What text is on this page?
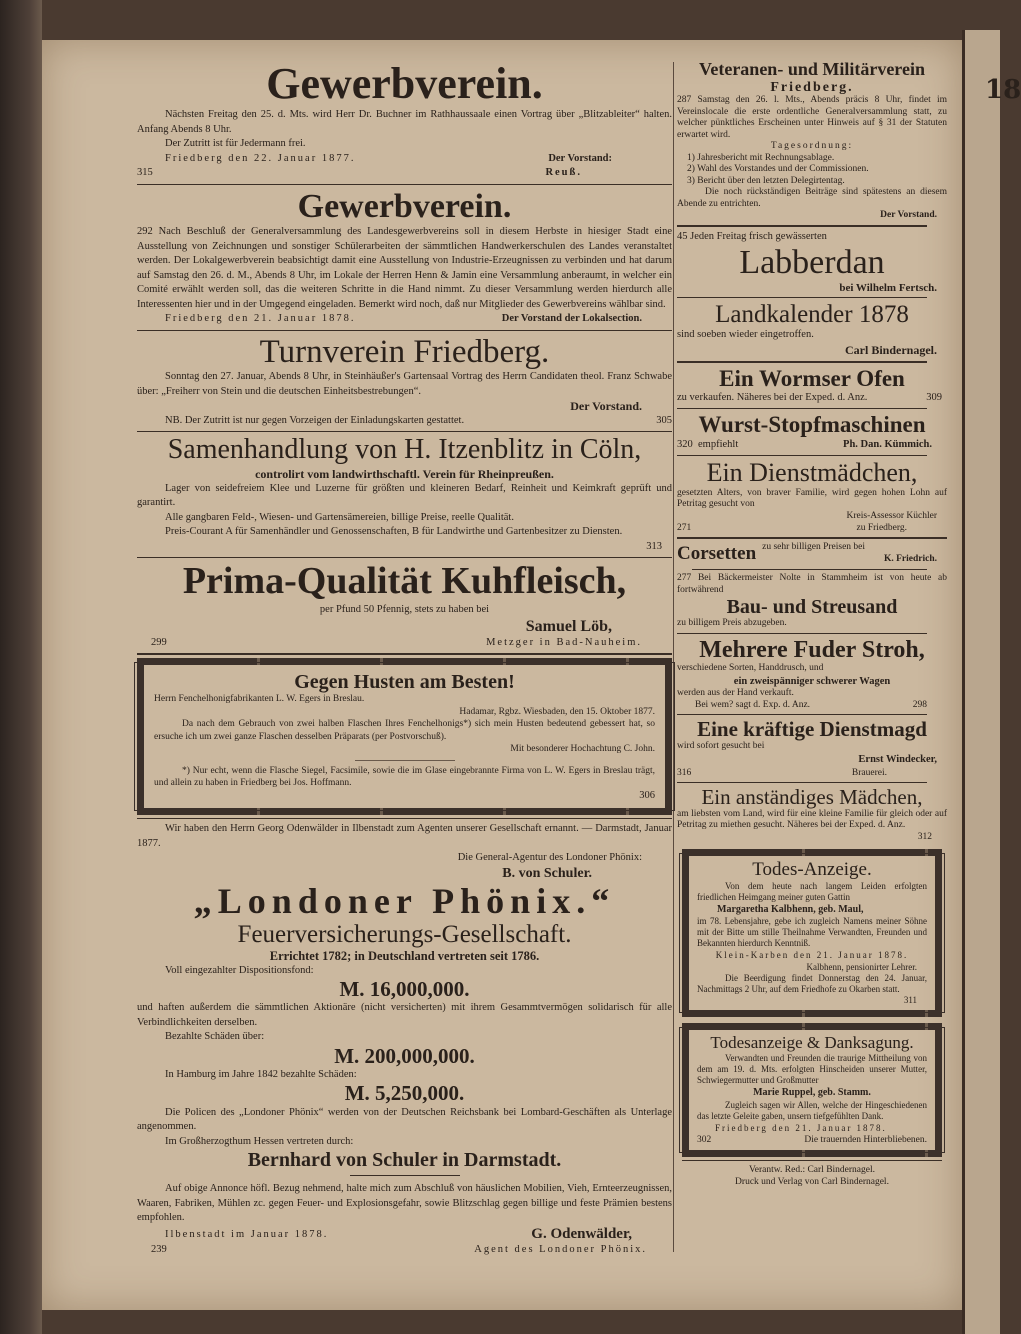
18
Gewerbverein.
Nächsten Freitag den 25. d. Mts. wird Herr Dr. Buchner im Rathhaussaale einen Vortrag über „Blitzableiter“ halten. Anfang Abends 8 Uhr.
Der Zutritt ist für Jedermann frei.
Friedberg den 22. Januar 1877.	Der Vorstand:
315	Reuß.
Gewerbverein.
292 Nach Beschluß der Generalversammlung des Landesgewerbvereins soll in diesem Herbste in hiesiger Stadt eine Ausstellung von Zeichnungen und sonstiger Schülerarbeiten der sämmtlichen Handwerkerschulen des Landes veranstaltet werden. Der Lokalgewerbverein beabsichtigt damit eine Ausstellung von Industrie-Erzeugnissen zu verbinden und hat darum auf Samstag den 26. d. M., Abends 8 Uhr, im Lokale der Herren Henn & Jamin eine Versammlung anberaumt, in welcher ein Comité erwählt werden soll, das die weiteren Schritte in die Hand nimmt. Zu dieser Versammlung werden hierdurch alle Interessenten hier und in der Umgegend eingeladen. Bemerkt wird noch, daß nur Mitglieder des Gewerbvereins wählbar sind.
Friedberg den 21. Januar 1878.	Der Vorstand der Lokalsection.
Turnverein Friedberg.
Sonntag den 27. Januar, Abends 8 Uhr, in Steinhäußer's Gartensaal Vortrag des Herrn Candidaten theol. Franz Schwabe über: „Freiherr von Stein und die deutschen Einheitsbestrebungen“.
Der Vorstand.
NB. Der Zutritt ist nur gegen Vorzeigen der Einladungskarten gestattet.	305
Samenhandlung von H. Itzenblitz in Cöln,
controlirt vom landwirthschaftl. Verein für Rheinpreußen.
Lager von seidefreiem Klee und Luzerne für größten und kleineren Bedarf, Reinheit und Keimkraft geprüft und garantirt.
Alle gangbaren Feld-, Wiesen- und Gartensämereien, billige Preise, reelle Qualität.
Preis-Courant A für Samenhändler und Genossenschaften, B für Landwirthe und Gartenbesitzer zu Diensten.
313
Prima-Qualität Kuhfleisch,
per Pfund 50 Pfennig, stets zu haben bei
Samuel Löb,
299	Metzger in Bad-Nauheim.
Gegen Husten am Besten!
Herrn Fenchelhonigfabrikanten L. W. Egers in Breslau.
Hadamar, Rgbz. Wiesbaden, den 15. Oktober 1877.
Da nach dem Gebrauch von zwei halben Flaschen Ihres Fenchelhonigs*) sich mein Husten bedeutend gebessert hat, so ersuche ich um zwei ganze Flaschen desselben Präparats (per Postvorschuß).
Mit besonderer Hochachtung C. John.
*) Nur echt, wenn die Flasche Siegel, Facsimile, sowie die im Glase eingebrannte Firma von L. W. Egers in Breslau trägt, und allein zu haben in Friedberg bei Jos. Hoffmann.
306
Wir haben den Herrn Georg Odenwälder in Ilbenstadt zum Agenten unserer Gesellschaft ernannt. — Darmstadt, Januar 1877.
Die General-Agentur des Londoner Phönix:
B. von Schuler.
„Londoner Phönix.“
Feuerversicherungs-Gesellschaft.
Errichtet 1782; in Deutschland vertreten seit 1786.
Voll eingezahlter Dispositionsfond:
M. 16,000,000.
und haften außerdem die sämmtlichen Aktionäre (nicht versicherten) mit ihrem Gesammtvermögen solidarisch für alle Verbindlichkeiten derselben.
Bezahlte Schäden über:
M. 200,000,000.
In Hamburg im Jahre 1842 bezahlte Schäden:
M. 5,250,000.
Die Policen des „Londoner Phönix“ werden von der Deutschen Reichsbank bei Lombard-Geschäften als Unterlage angenommen.
Im Großherzogthum Hessen vertreten durch:
Bernhard von Schuler in Darmstadt.
Auf obige Annonce höfl. Bezug nehmend, halte mich zum Abschluß von häuslichen Mobilien, Vieh, Ernteerzeugnissen, Waaren, Fabriken, Mühlen zc. gegen Feuer- und Explosionsgefahr, sowie Blitzschlag gegen billige und feste Prämien bestens empfohlen.
Ilbenstadt im Januar 1878.	G. Odenwälder,
239	Agent des Londoner Phönix.
Veteranen- und Militärverein
Friedberg.
287 Samstag den 26. l. Mts., Abends präcis 8 Uhr, findet im Vereinslocale die erste ordentliche Generalversammlung statt, zu welcher pünktliches Erscheinen unter Hinweis auf § 31 der Statuten erwartet wird.
Tagesordnung:
1) Jahresbericht mit Rechnungsablage.
2) Wahl des Vorstandes und der Commissionen.
3) Bericht über den letzten Delegirtentag.
Die noch rückständigen Beiträge sind spätestens an diesem Abende zu entrichten.
Der Vorstand.
45 Jeden Freitag frisch gewässerten
Labberdan
bei Wilhelm Fertsch.
Landkalender 1878
sind soeben wieder eingetroffen.
Carl Bindernagel.
Ein Wormser Ofen
zu verkaufen. Näheres bei der Exped. d. Anz.	309
Wurst-Stopfmaschinen
320 empfiehlt	Ph. Dan. Kümmich.
Ein Dienstmädchen,
gesetzten Alters, von braver Familie, wird gegen hohen Lohn auf Petritag gesucht von
Kreis-Assessor Küchler
271	zu Friedberg.
Corsetten zu sehr billigen Preisen bei
K. Friedrich.
277 Bei Bäckermeister Nolte in Stammheim ist von heute ab fortwährend
Bau- und Streusand
zu billigem Preis abzugeben.
Mehrere Fuder Stroh,
verschiedene Sorten, Handdrusch, und
ein zweispänniger schwerer Wagen
werden aus der Hand verkauft.
Bei wem? sagt d. Exp. d. Anz.	298
Eine kräftige Dienstmagd
wird sofort gesucht bei
Ernst Windecker,
316	Brauerei.
Ein anständiges Mädchen,
am liebsten vom Land, wird für eine kleine Familie für gleich oder auf Petritag zu miethen gesucht. Näheres bei der Exped. d. Anz.
312
Todes-Anzeige.
Von dem heute nach langem Leiden erfolgten friedlichen Heimgang meiner guten Gattin
Margaretha Kalbhenn, geb. Maul,
im 78. Lebensjahre, gebe ich zugleich Namens meiner Söhne mit der Bitte um stille Theilnahme Verwandten, Freunden und Bekannten hierdurch Kenntniß.
Klein-Karben den 21. Januar 1878.
Kalbhenn, pensionirter Lehrer.
Die Beerdigung findet Donnerstag den 24. Januar, Nachmittags 2 Uhr, auf dem Friedhofe zu Okarben statt.
311
Todesanzeige & Danksagung.
Verwandten und Freunden die traurige Mittheilung von dem am 19. d. Mts. erfolgten Hinscheiden unserer Mutter, Schwiegermutter und Großmutter
Marie Ruppel, geb. Stamm.
Zugleich sagen wir Allen, welche der Hingeschiedenen das letzte Geleite gaben, unsern tiefgefühlten Dank.
Friedberg den 21. Januar 1878.
302	Die trauernden Hinterbliebenen.
Verantw. Red.: Carl Bindernagel.
Druck und Verlag von Carl Bindernagel.
